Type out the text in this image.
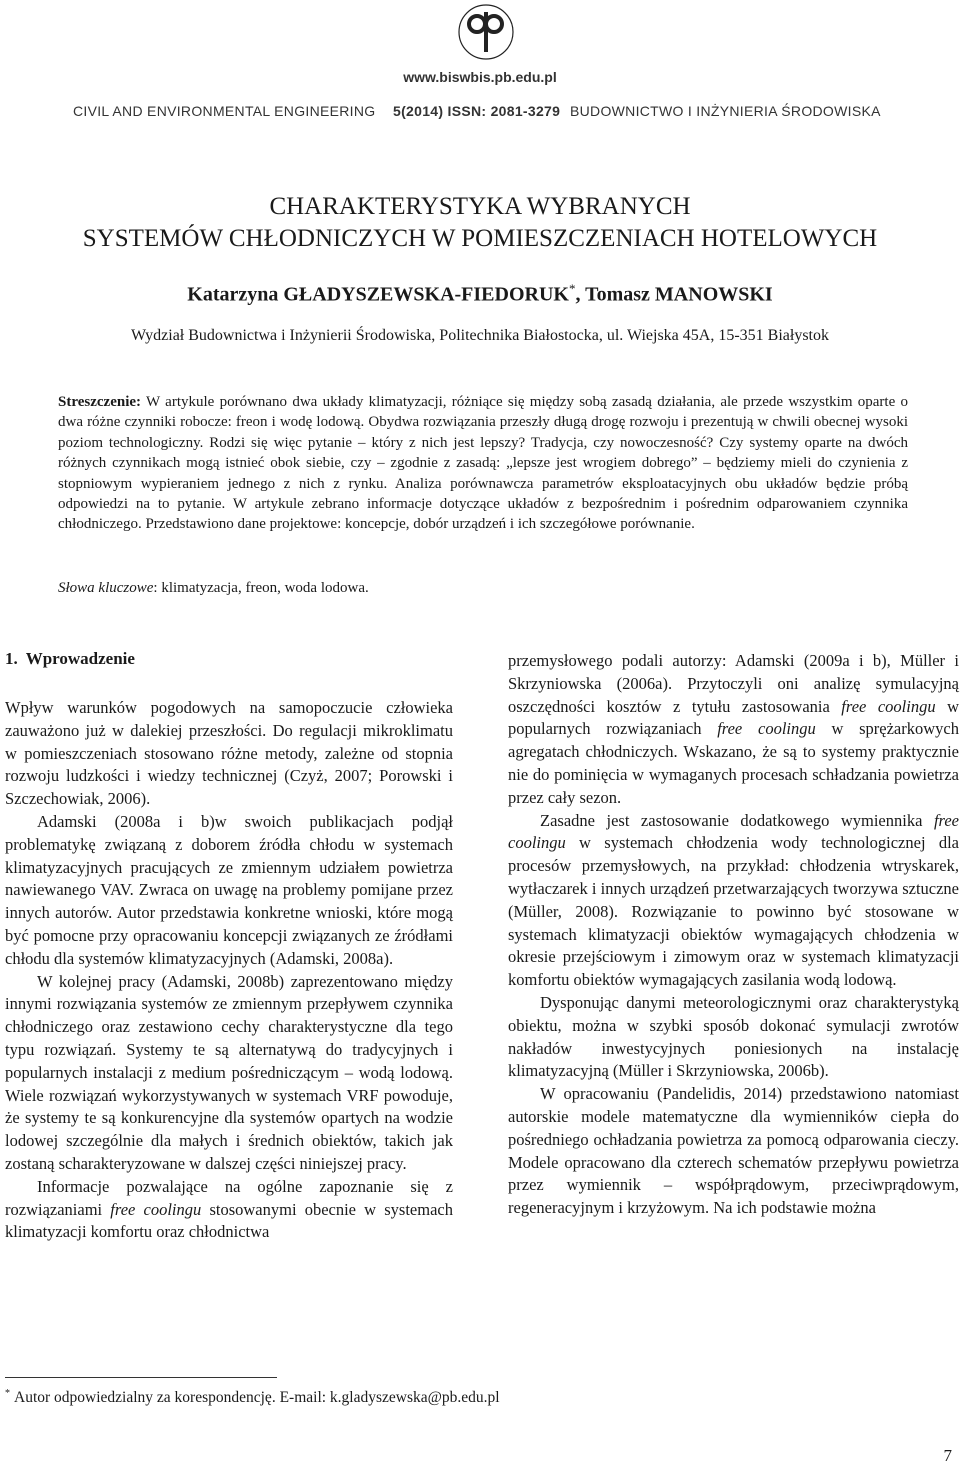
www.biswbis.pb.edu.pl
CIVIL AND ENVIRONMENTAL ENGINEERING 5(2014) ISSN: 2081-3279 BUDOWNICTWO I INŻYNIERIA ŚRODOWISKA
CHARAKTERYSTYKA WYBRANYCH
SYSTEMÓW CHŁODNICZYCH W POMIESZCZENIACH HOTELOWYCH
Katarzyna GŁADYSZEWSKA-FIEDORUK*, Tomasz MANOWSKI
Wydział Budownictwa i Inżynierii Środowiska, Politechnika Białostocka, ul. Wiejska 45A, 15-351 Białystok
Streszczenie: W artykule porównano dwa układy klimatyzacji, różniące się między sobą zasadą działania, ale przede wszystkim oparte o dwa różne czynniki robocze: freon i wodę lodową. Obydwa rozwiązania przeszły długą drogę rozwoju i prezentują w chwili obecnej wysoki poziom technologiczny. Rodzi się więc pytanie – który z nich jest lepszy? Tradycja, czy nowoczesność? Czy systemy oparte na dwóch różnych czynnikach mogą istnieć obok siebie, czy – zgodnie z zasadą: „lepsze jest wrogiem dobrego” – będziemy mieli do czynienia z stopniowym wypieraniem jednego z nich z rynku. Analiza porównawcza parametrów eksploatacyjnych obu układów będzie próbą odpowiedzi na to pytanie. W artykule zebrano informacje dotyczące układów z bezpośrednim i pośrednim odparowaniem czynnika chłodniczego. Przedstawiono dane projektowe: koncepcje, dobór urządzeń i ich szczegółowe porównanie.
Słowa kluczowe: klimatyzacja, freon, woda lodowa.
1. Wprowadzenie

Wpływ warunków pogodowych na samopoczucie człowieka zauważono już w dalekiej przeszłości. Do regulacji mikroklimatu w pomieszczeniach stosowano różne metody, zależne od stopnia rozwoju ludzkości i wiedzy technicznej (Czyż, 2007; Porowski i Szczechowiak, 2006).

Adamski (2008a i b)w swoich publikacjach podjął problematykę związaną z doborem źródła chłodu w systemach klimatyzacyjnych pracujących ze zmiennym udziałem powietrza nawiewanego VAV. Zwraca on uwagę na problemy pomijane przez innych autorów. Autor przedstawia konkretne wnioski, które mogą być pomocne przy opracowaniu koncepcji związanych ze źródłami chłodu dla systemów klimatyzacyjnych (Adamski, 2008a).

W kolejnej pracy (Adamski, 2008b) zaprezentowano między innymi rozwiązania systemów ze zmiennym przepływem czynnika chłodniczego oraz zestawiono cechy charakterystyczne dla tego typu rozwiązań. Systemy te są alternatywą do tradycyjnych i popularnych instalacji z medium pośredniczącym – wodą lodową. Wiele rozwiązań wykorzystywanych w systemach VRF powoduje, że systemy te są konkurencyjne dla systemów opartych na wodzie lodowej szczególnie dla małych i średnich obiektów, takich jak zostaną scharakteryzowane w dalszej części niniejszej pracy.

Informacje pozwalające na ogólne zapoznanie się z rozwiązaniami free coolingu stosowanymi obecnie w systemach klimatyzacji komfortu oraz chłodnictwa

przemysłowego podali autorzy: Adamski (2009a i b), Müller i Skrzyniowska (2006a). Przytoczyli oni analizę symulacyjną oszczędności kosztów z tytułu zastosowania free coolingu w popularnych rozwiązaniach free coolingu w sprężarkowych agregatach chłodniczych. Wskazano, że są to systemy praktycznie nie do pominięcia w wymaganych procesach schładzania powietrza przez cały sezon.

Zasadne jest zastosowanie dodatkowego wymiennika free coolingu w systemach chłodzenia wody technologicznej dla procesów przemysłowych, na przykład: chłodzenia wtryskarek, wytłaczarek i innych urządzeń przetwarzających tworzywa sztuczne (Müller, 2008). Rozwiązanie to powinno być stosowane w systemach klimatyzacji obiektów wymagających chłodzenia w okresie przejściowym i zimowym oraz w systemach klimatyzacji komfortu obiektów wymagających zasilania wodą lodową.

Dysponując danymi meteorologicznymi oraz charakterystyką obiektu, można w szybki sposób dokonać symulacji zwrotów nakładów inwestycyjnych poniesionych na instalację klimatyzacyjną (Müller i Skrzyniowska, 2006b).

W opracowaniu (Pandelidis, 2014) przedstawiono natomiast autorskie modele matematyczne dla wymienników ciepła do pośredniego ochładzania powietrza za pomocą odparowania cieczy. Modele opracowano dla czterech schematów przepływu powietrza przez wymiennik – współprądowym, przeciwprądowym, regeneracyjnym i krzyżowym. Na ich podstawie można

* Autor odpowiedzialny za korespondencję. E-mail: k.gladyszewska@pb.edu.pl
7
